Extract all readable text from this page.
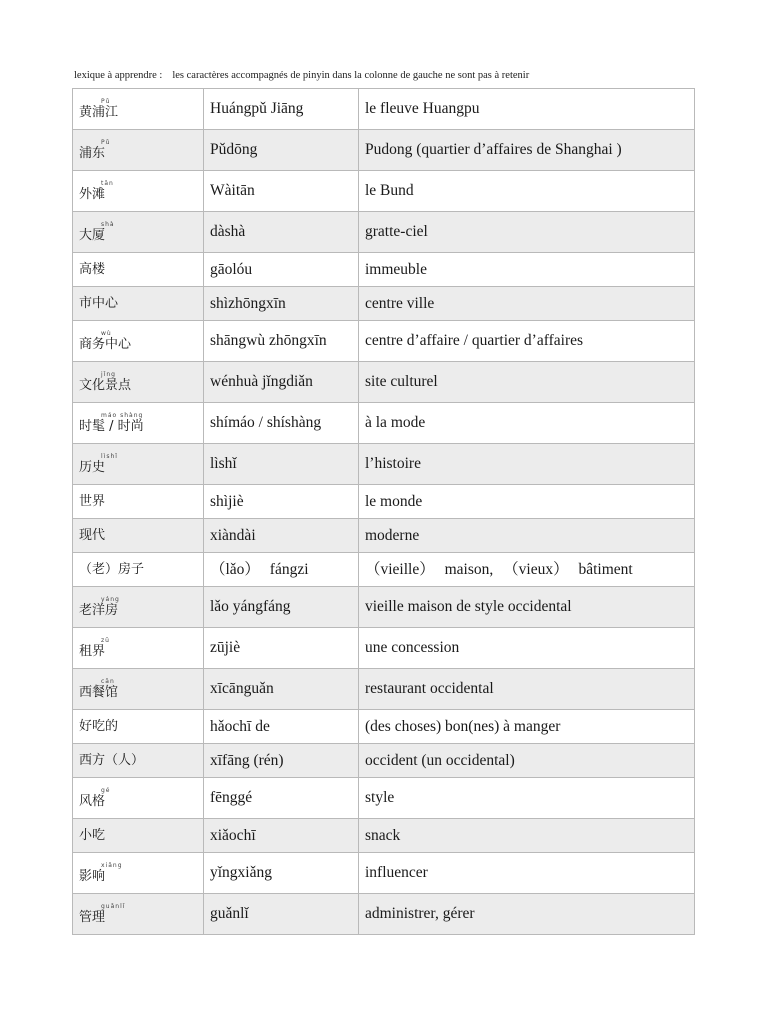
lexique à apprendre : les caractères accompagnés de pinyin dans la colonne de gauche ne sont pas à retenir
Pǔ
黄浦江	Huángpǔ Jiāng	le fleuve Huangpu

Pǔ
浦东	Pǔdōng	Pudong (quartier d’affaires de Shanghai )

tān
外滩	Wàitān	le Bund

shà
大厦	dàshà	gratte-ciel

高楼	gāolóu	immeuble

市中心	shìzhōngxīn	centre ville

wù
商务中心	shāngwù zhōngxīn	centre d’affaire / quartier d’affaires

jǐng
文化景点	wénhuà jǐngdiǎn	site culturel

máo shàng
时髦 / 时尚	shímáo / shíshàng	à la mode

lìshǐ
历史	lìshǐ	l’histoire

世界	shìjiè	le monde

现代	xiàndài	moderne

（老）房子	（lǎo） fángzi	（vieille） maison, （vieux） bâtiment

yáng
老洋房	lǎo yángfáng	vieille maison de style occidental

zū
租界	zūjiè	une concession

cān
西餐馆	xīcānguǎn	restaurant occidental

好吃的	hǎochī de	(des choses) bon(nes) à manger

西方（人）	xīfāng (rén)	occident (un occidental)

gé
风格	fēnggé	style

小吃	xiǎochī	snack

xiǎng
影响	yǐngxiǎng	influencer

guǎnlǐ
管理	guǎnlǐ	administrer, gérer
